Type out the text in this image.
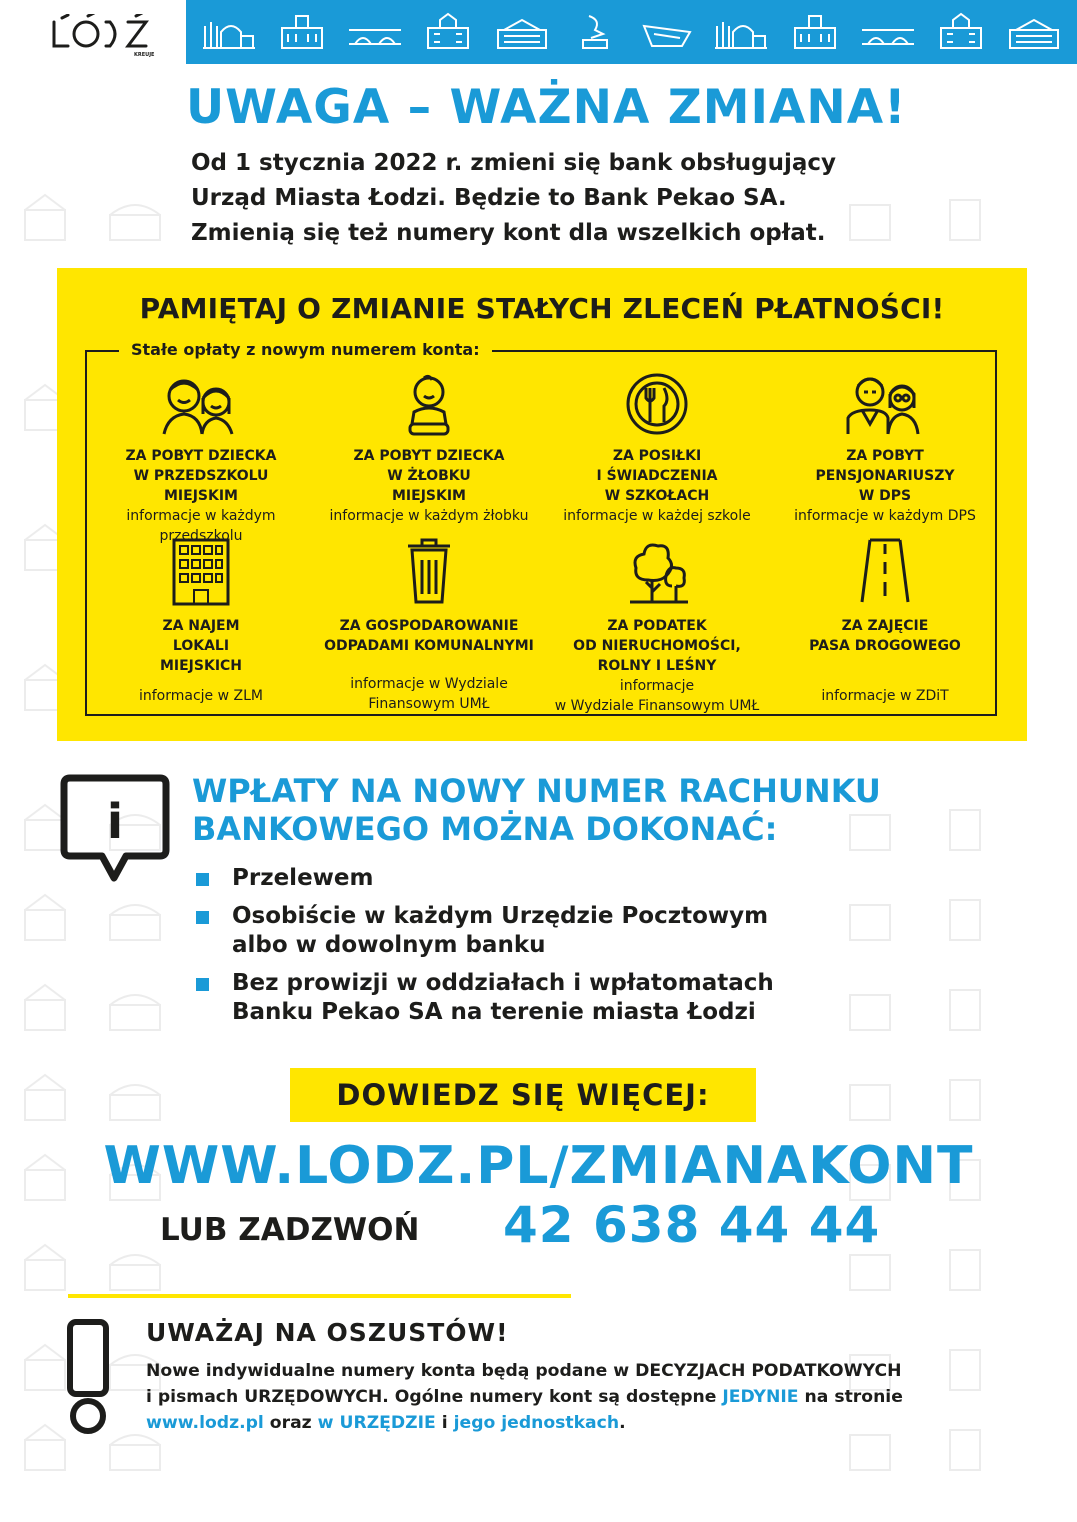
KREUJE
UWAGA – WAŻNA ZMIANA!

Od 1 stycznia 2022 r. zmieni się bank obsługujący

Urząd Miasta Łodzi. Będzie to Bank Pekao SA.

Zmienią się też numery kont dla wszelkich opłat.

PAMIĘTAJ O ZMIANIE STAŁYCH ZLECEŃ PŁATNOŚCI!
Stałe opłaty z nowym numerem konta:
ZA POBYT DZIECKA
W PRZEDSZKOLU
MIEJSKIM
informacje w każdym przedszkolu
ZA POBYT DZIECKA
W ŻŁOBKU
MIEJSKIM
informacje w każdym żłobku
ZA POSIŁKI
I ŚWIADCZENIA
W SZKOŁACH
informacje w każdej szkole
ZA POBYT
PENSJONARIUSZY
W DPS
informacje w każdym DPS
ZA NAJEM
LOKALI
MIEJSKICH
informacje w ZLM
ZA GOSPODAROWANIE
ODPADAMI KOMUNALNYMI
informacje w Wydziale
Finansowym UMŁ
ZA PODATEK
OD NIERUCHOMOŚCI,
ROLNY I LEŚNY
informacje
w Wydziale Finansowym UMŁ
ZA ZAJĘCIE
PASA DROGOWEGO
informacje w ZDiT
i

WPŁATY NA NOWY NUMER RACHUNKU

BANKOWEGO MOŻNA DOKONAĆ:

Przelewem
Osobiście w każdym Urzędzie Pocztowym
albo w dowolnym banku
Bez prowizji w oddziałach i wpłatomatach
Banku Pekao SA na terenie miasta Łodzi
DOWIEDZ SIĘ WIĘCEJ:
WWW.LODZ.PL/ZMIANAKONT
LUB ZADZWOŃ 42 638 44 44
UWAŻAJ NA OSZUSTÓW!

Nowe indywidualne numery konta będą podane w DECYZJACH PODATKOWYCH

i pismach URZĘDOWYCH. Ogólne numery kont są dostępne JEDYNIE na stronie

www.lodz.pl oraz w URZĘDZIE i jego jednostkach.
